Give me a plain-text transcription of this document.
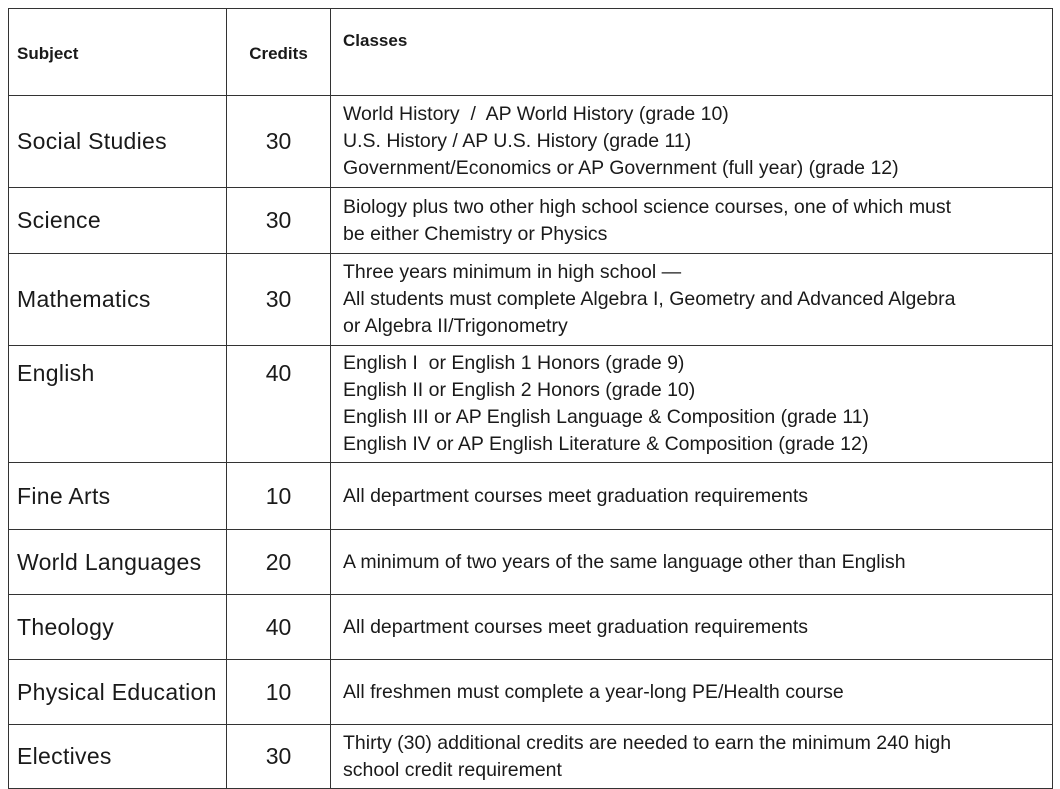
Subject	Credits	Classes
Social Studies	30	World History  /  AP World History (grade 10)
U.S. History / AP U.S. History (grade 11)
Government/Economics or AP Government (full year) (grade 12)

Science	30	Biology plus two other high school science courses, one of which must
be either Chemistry or Physics

Mathematics	30	Three years minimum in high school —
All students must complete Algebra I, Geometry and Advanced Algebra
or Algebra II/Trigonometry

English	40	English I  or English 1 Honors (grade 9)
English II or English 2 Honors (grade 10)
English III or AP English Language & Composition (grade 11)
English IV or AP English Literature & Composition (grade 12)

Fine Arts	10	All department courses meet graduation requirements

World Languages	20	A minimum of two years of the same language other than English

Theology	40	All department courses meet graduation requirements

Physical Education	10	All freshmen must complete a year-long PE/Health course

Electives	30	Thirty (30) additional credits are needed to earn the minimum 240 high
school credit requirement
